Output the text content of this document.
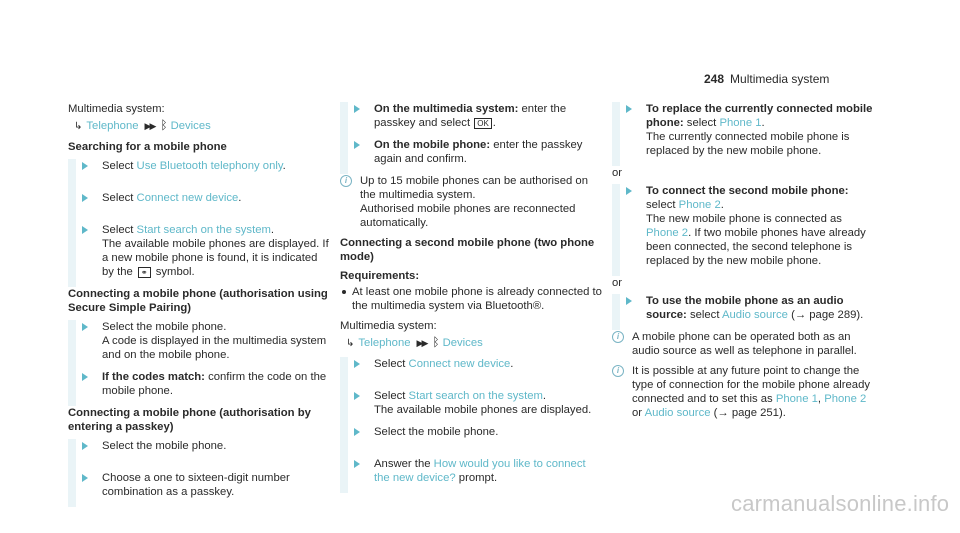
248 Multimedia system
Multimedia system:
↳ Telephone ▶▶ ᛒ Devices
Searching for a mobile phone
Select Use Bluetooth telephony only.
Select Connect new device.
Select Start search on the system.
The available mobile phones are displayed. If a new mobile phone is found, it is indicated by the ⚭ symbol.
Connecting a mobile phone (authorisation using Secure Simple Pairing)
Select the mobile phone.
A code is displayed in the multimedia system and on the mobile phone.
If the codes match: confirm the code on the mobile phone.
Connecting a mobile phone (authorisation by entering a passkey)
Select the mobile phone.
Choose a one to sixteen-digit number combination as a passkey.
On the multimedia system: enter the passkey and select OK .
On the mobile phone: enter the passkey again and confirm.
i	Up to 15 mobile phones can be authorised on the multimedia system.
Authorised mobile phones are reconnected automatically.
Connecting a second mobile phone (two phone mode)
Requirements:
At least one mobile phone is already connected to the multimedia system via Bluetooth®.
Multimedia system:
↳ Telephone ▶▶ ᛒ Devices
Select Connect new device.
Select Start search on the system.
The available mobile phones are displayed.
Select the mobile phone.
Answer the How would you like to connect the new device? prompt.
To replace the currently connected mobile phone: select Phone 1.
The currently connected mobile phone is replaced by the new mobile phone.
or
To connect the second mobile phone:
select Phone 2.
The new mobile phone is connected as Phone 2. If two mobile phones have already been connected, the second telephone is replaced by the new mobile phone.
or
To use the mobile phone as an audio source: select Audio source (→ page 289).
i	A mobile phone can be operated both as an audio source as well as telephone in parallel.
i	It is possible at any future point to change the type of connection for the mobile phone already connected and to set this as Phone 1, Phone 2 or Audio source (→ page 251).
carmanualsonline.info
